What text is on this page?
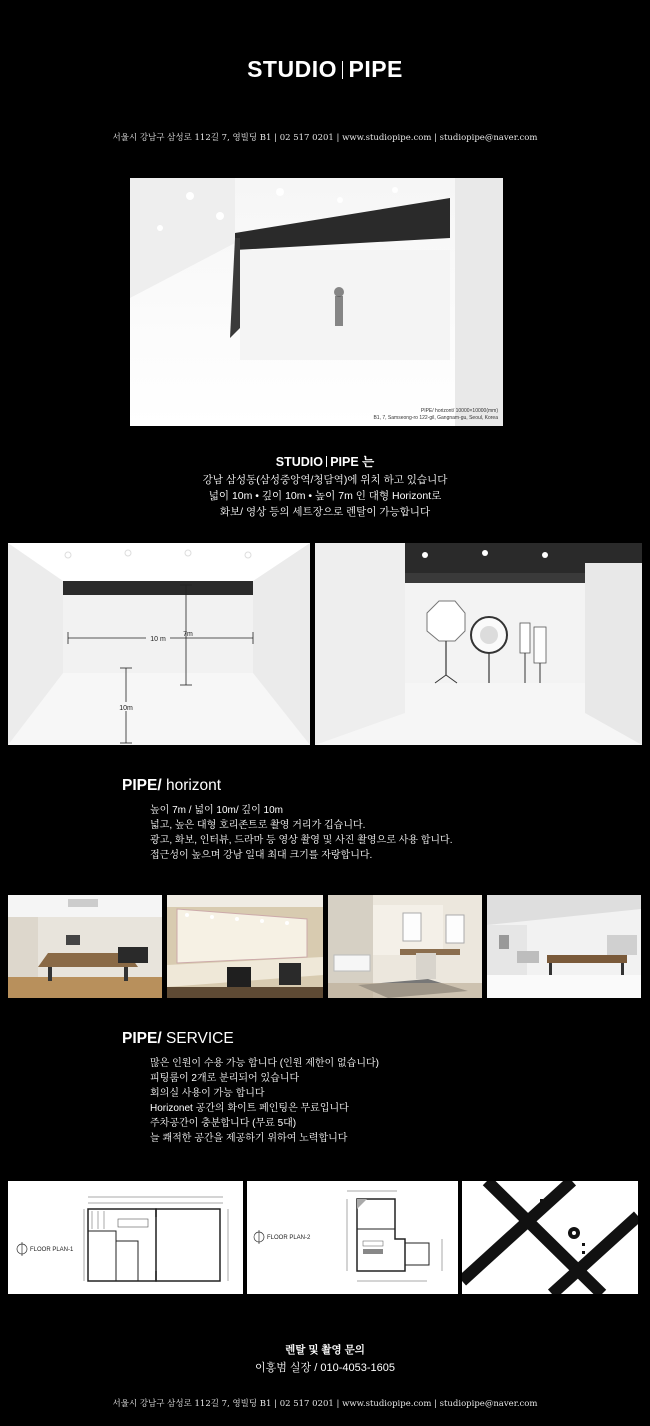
STUDIO PIPE
서울시 강남구 삼성로 112길 7, 영빌딩 B1 | 02 517 0201 | www.studiopipe.com | studiopipe@naver.com
PIPE/ horizont/ 10000×10000(mm)
B1, 7, Samseong-ro 122-gil, Gangnam-gu, Seoul, Korea
STUDIO PIPE 는
강남 삼성동(삼성중앙역/청담역)에 위치 하고 있습니다
넓이 10m • 깊이 10m • 높이 7m 인 대형 Horizont로
화보/ 영상 등의 세트장으로 렌탈이 가능합니다
10 m
7m
10m
PIPE/ horizont
높이 7m / 넓이 10m/ 깊이 10m
넓고, 높은 대형 호리존트로 촬영 거리가 깁습니다.
광고, 화보, 인터뷰, 드라마 등 영상 촬영 및 사진 촬영으로 사용 합니다.
접근성이 높으며 강남 일대 최대 크기를 자랑합니다.
PIPE/ SERVICE
많은 인원이 수용 가능 합니다 (인원 제한이 없습니다)
피팅룸이 2개로 분리되어 있습니다
회의실 사용이 가능 합니다
Horizonet 공간의 화이트 페인팅은 무료입니다
주차공간이 충분합니다 (무료 5대)
늘 쾌적한 공간을 제공하기 위하여 노력합니다
FLOOR PLAN-1
FLOOR PLAN-2
렌탈 및 촬영 문의
이홍범 실장 / 010-4053-1605
서울시 강남구 삼성로 112길 7, 영빌딩 B1 | 02 517 0201 | www.studiopipe.com | studiopipe@naver.com
